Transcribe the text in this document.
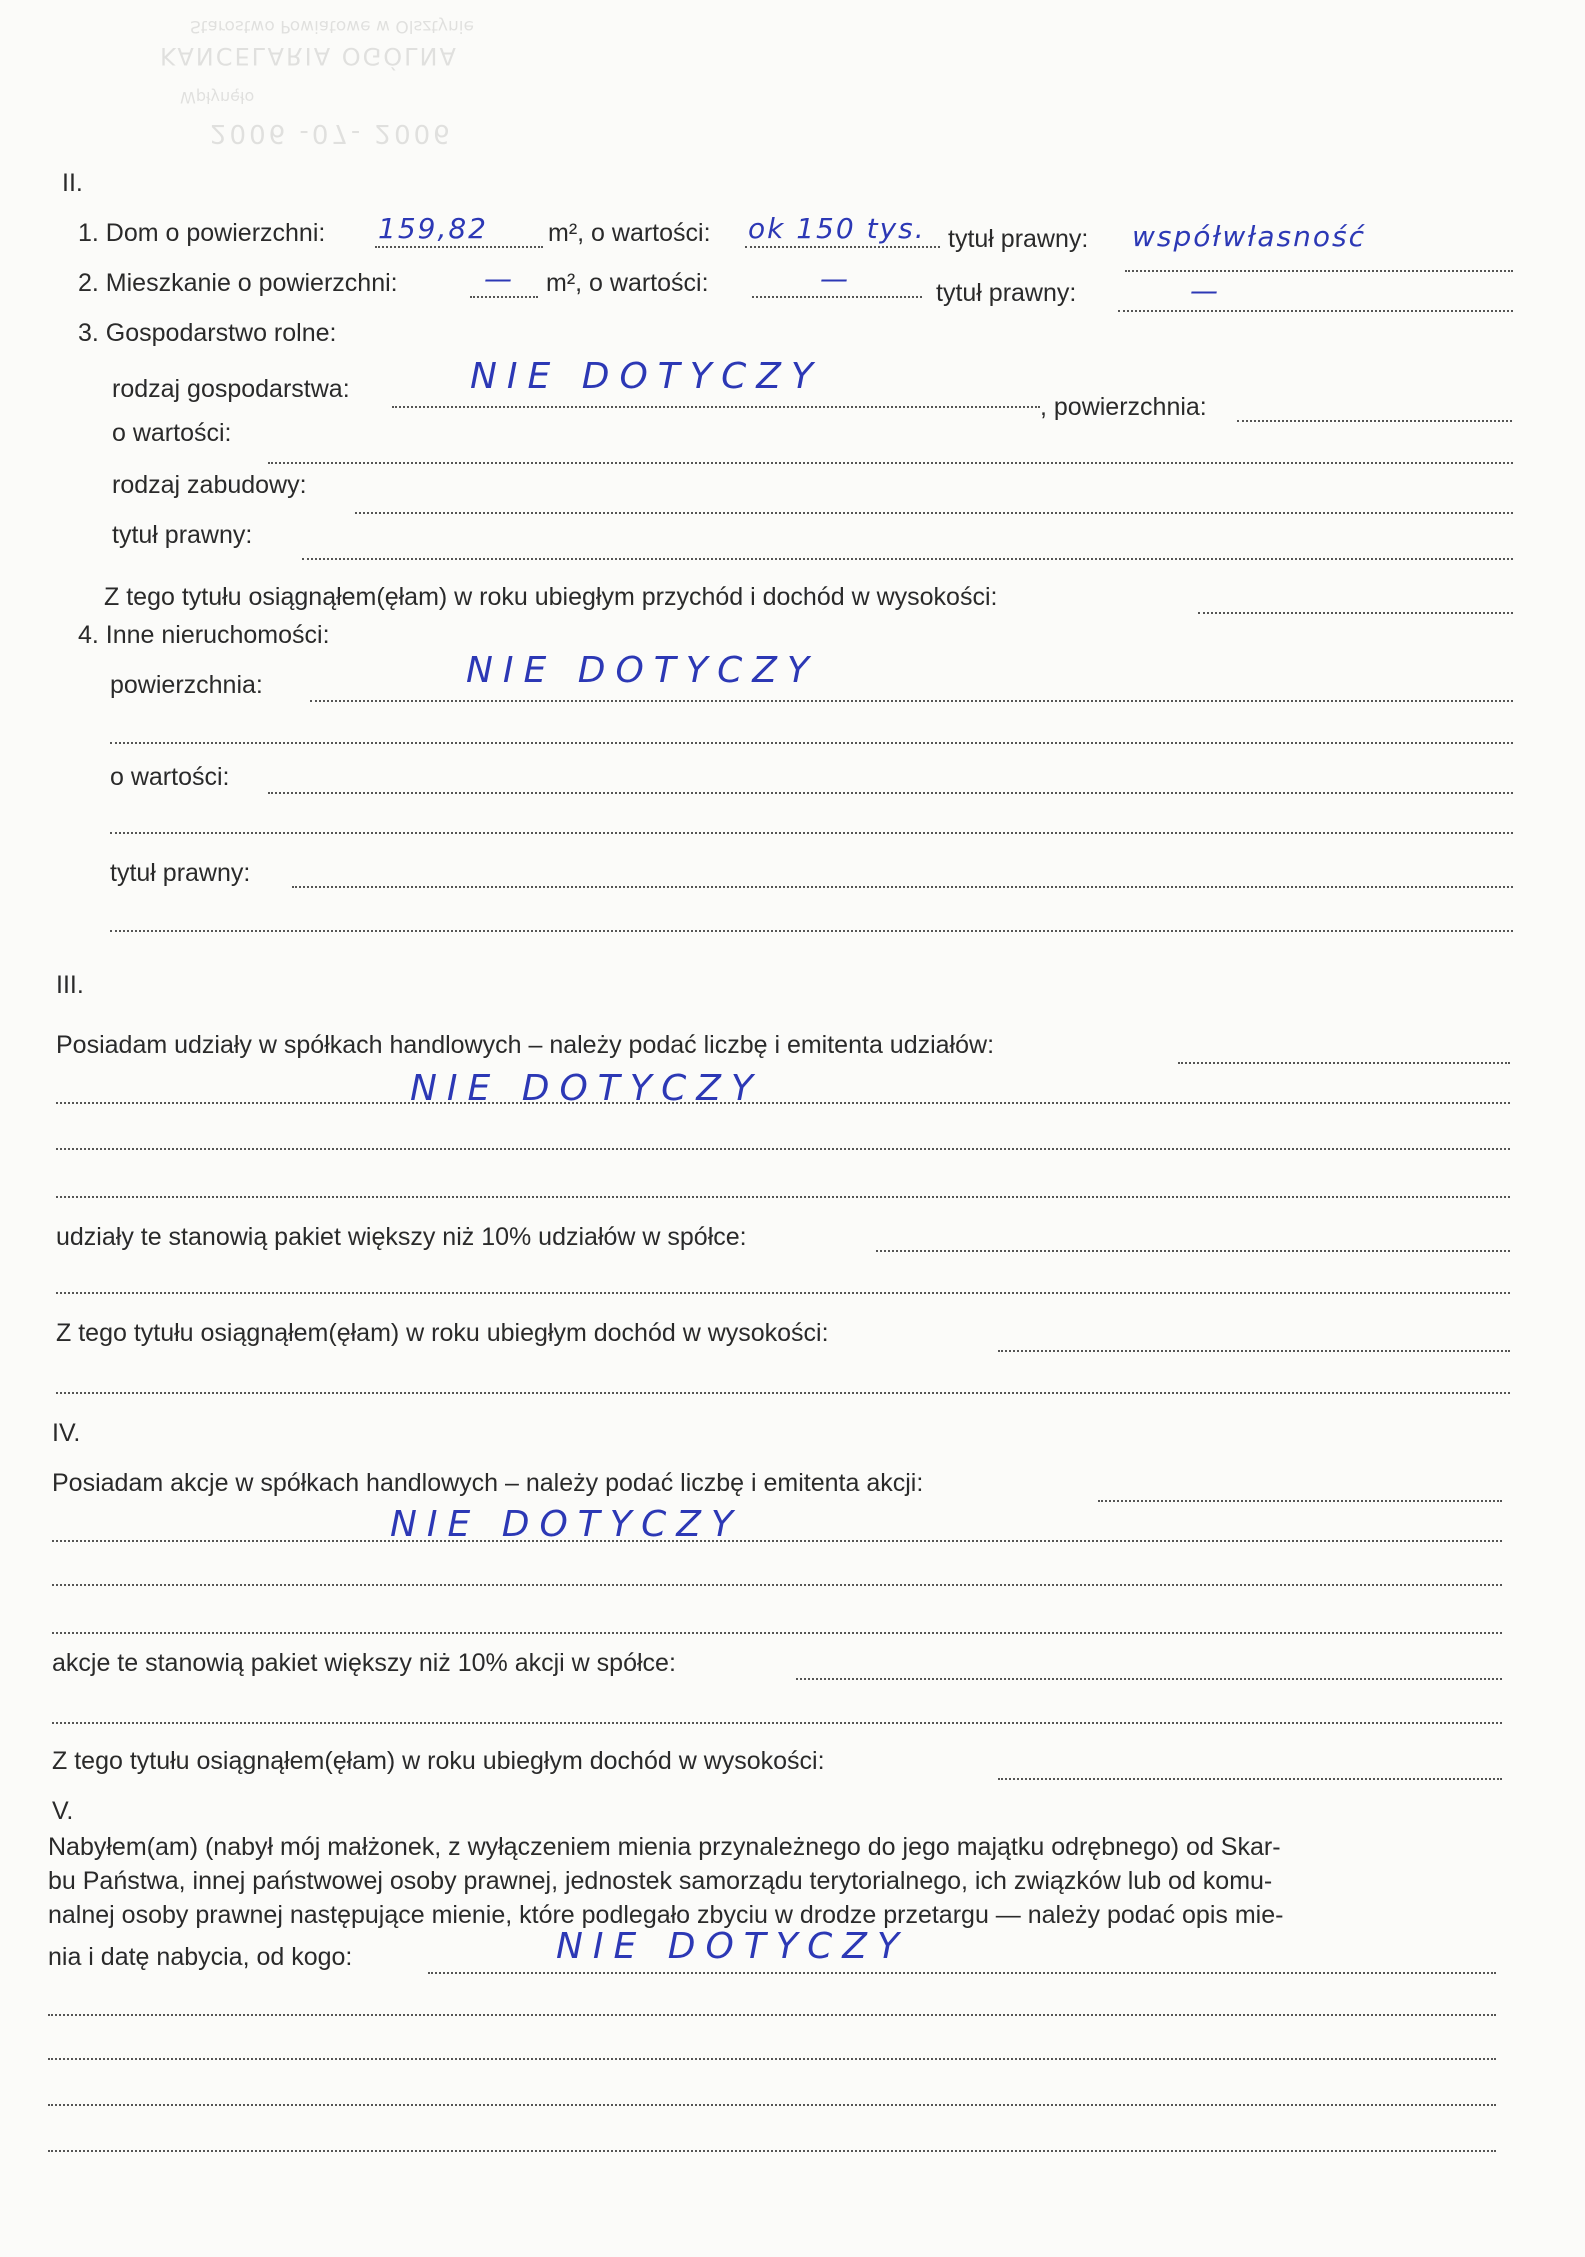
Starostwo Powiatowe w Olsztynie
KANCELARIA OGÓLNA
Wpłynęło
2006 -07- 2006
II.
1. Dom o powierzchni: 159,82 m², o wartości: ok 150 tys. tytuł prawny: współwłasność
2. Mieszkanie o powierzchni:	— m², o wartości:	—	tytuł prawny:	—
3. Gospodarstwo rolne:
rodzaj gospodarstwa:	NIE DOTYCZY
, powierzchnia:
o wartości:
rodzaj zabudowy:
tytuł prawny:
Z tego tytułu osiągnąłem(ęłam) w roku ubiegłym przychód i dochód w wysokości:
4. Inne nieruchomości:
powierzchnia:	NIE DOTYCZY
o wartości:
tytuł prawny:
III.
Posiadam udziały w spółkach handlowych – należy podać liczbę i emitenta udziałów:
NIE DOTYCZY
udziały te stanowią pakiet większy niż 10% udziałów w spółce:
Z tego tytułu osiągnąłem(ęłam) w roku ubiegłym dochód w wysokości:
IV.
Posiadam akcje w spółkach handlowych – należy podać liczbę i emitenta akcji:
NIE DOTYCZY
akcje te stanowią pakiet większy niż 10% akcji w spółce:
Z tego tytułu osiągnąłem(ęłam) w roku ubiegłym dochód w wysokości:
V.
Nabyłem(am) (nabył mój małżonek, z wyłączeniem mienia przynależnego do jego majątku odrębnego) od Skar-
bu Państwa, innej państwowej osoby prawnej, jednostek samorządu terytorialnego, ich związków lub od komu-
nalnej osoby prawnej następujące mienie, które podlegało zbyciu w drodze przetargu — należy podać opis mie-
nia i datę nabycia, od kogo:	NIE DOTYCZY
